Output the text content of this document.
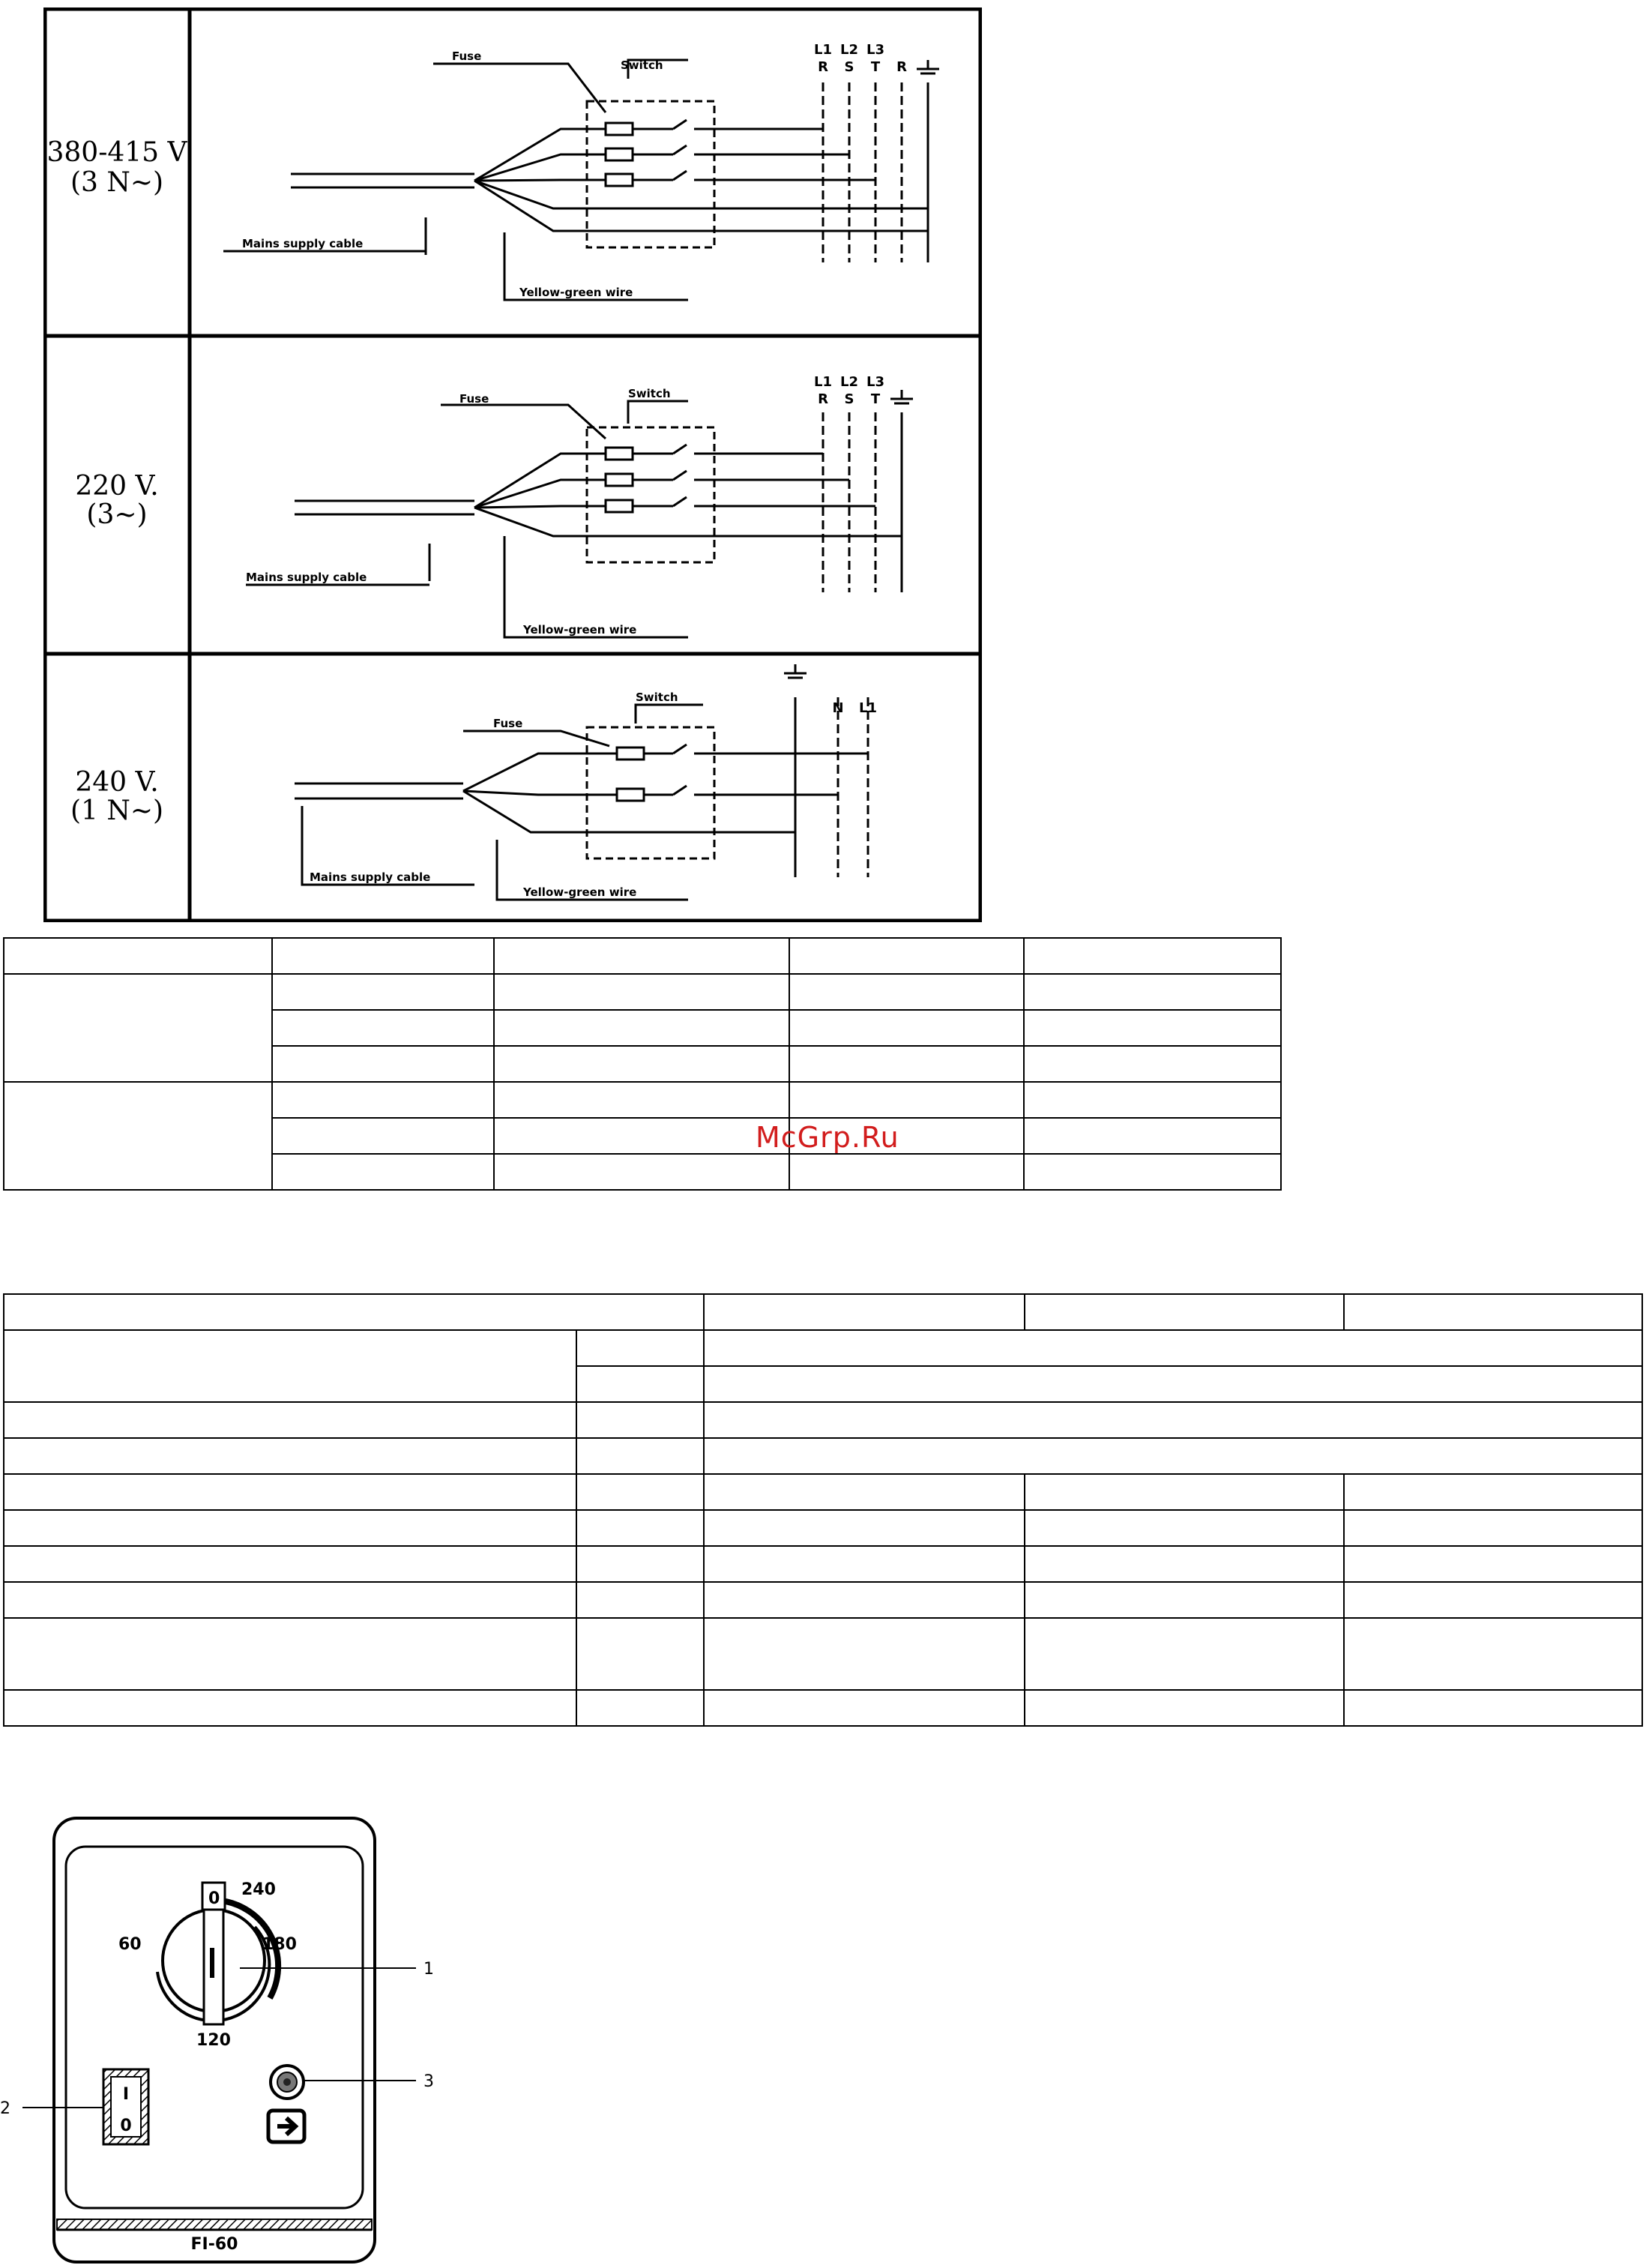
380-415 V
(3 N~)
Fuse
Switch
Mains supply cable
Yellow-green wire
L1 L2 L3
R S T R
220 V.
(3~)
Fuse	Switch
Mains supply cable
Yellow-green wire
L1 L2 L3
R S T
240 V.
(1 N~)
Fuse
Switch
Mains supply cable
Yellow-green wire
N L1

McGrp.Ru

0 240
180
120
60
I
0
FI-60
1
2
3
